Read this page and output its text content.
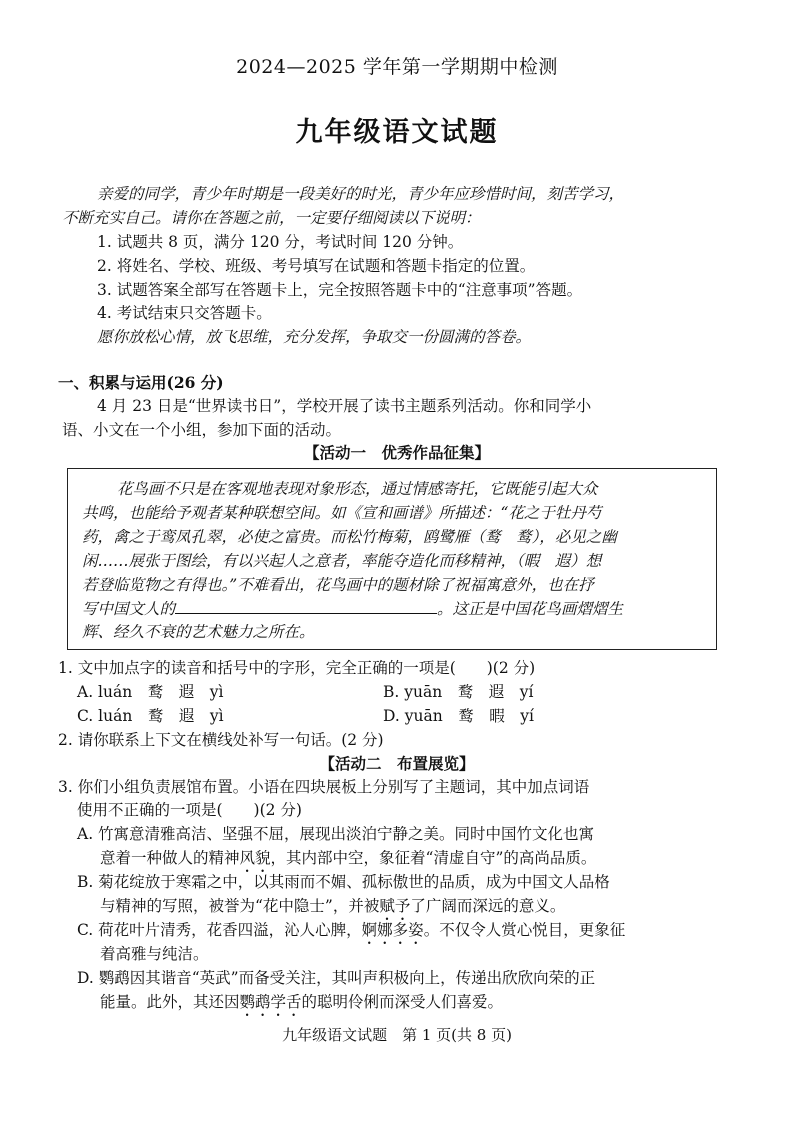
2024—2025 学年第一学期期中检测
九年级语文试题
亲爱的同学，青少年时期是一段美好的时光，青少年应珍惜时间，刻苦学习，
不断充实自己。请你在答题之前，一定要仔细阅读以下说明：
1. 试题共 8 页，满分 120 分，考试时间 120 分钟。
2. 将姓名、学校、班级、考号填写在试题和答题卡指定的位置。
3. 试题答案全部写在答题卡上，完全按照答题卡中的“注意事项”答题。
4. 考试结束只交答题卡。
愿你放松心情，放飞思维，充分发挥，争取交一份圆满的答卷。
一、积累与运用(26 分)
4 月 23 日是“世界读书日”，学校开展了读书主题系列活动。你和同学小
语、小文在一个小组，参加下面的活动。
【活动一　优秀作品征集】
花鸟画不只是在客观地表现对象形态，通过情感寄托，它既能引起大众
共鸣，也能给予观者某种联想空间。如《宣和画谱》所描述：“花之于牡丹芍
药，禽之于鸾凤孔翠，必使之富贵。而松竹梅菊，鸥鹭雁（鹜　鹜），必见之幽
闲……展张于图绘，有以兴起人之意者，率能夺造化而移精神，（暇　遐）想
若登临览物之有得也。”不难看出，花鸟画中的题材除了祝福寓意外，也在抒
写中国文人的	。这正是中国花鸟画熠熠生
辉、经久不衰的艺术魅力之所在。
1. 文中加点字的读音和括号中的字形，完全正确的一项是(　　)(2 分)
A. luán　鹜　遐　yì	B. yuān　鹜　遐　yí
C. luán　鹜　遐　yì	D. yuān　鹜　暇　yí
2. 请你联系上下文在横线处补写一句话。(2 分)
【活动二　布置展览】
3. 你们小组负责展馆布置。小语在四块展板上分别写了主题词，其中加点词语
使用不正确的一项是(　　)(2 分)
A. 竹寓意清雅高洁、坚强不屈，展现出淡泊宁静之美。同时中国竹文化也寓
意着一种做人的精神风貌，其内部中空，象征着“清虚自守”的高尚品质。
B. 菊花绽放于寒霜之中，以其雨而不媚、孤标傲世的品质，成为中国文人品格
与精神的写照，被誉为“花中隐士”，并被赋予了广阔而深远的意义。
C. 荷花叶片清秀，花香四溢，沁人心脾，婀娜多姿。不仅令人赏心悦目，更象征
着高雅与纯洁。
D. 鹦鹉因其谐音“英武”而备受关注，其叫声积极向上，传递出欣欣向荣的正
能量。此外，其还因鹦鹉学舌的聪明伶俐而深受人们喜爱。
九年级语文试题　第 1 页(共 8 页)
